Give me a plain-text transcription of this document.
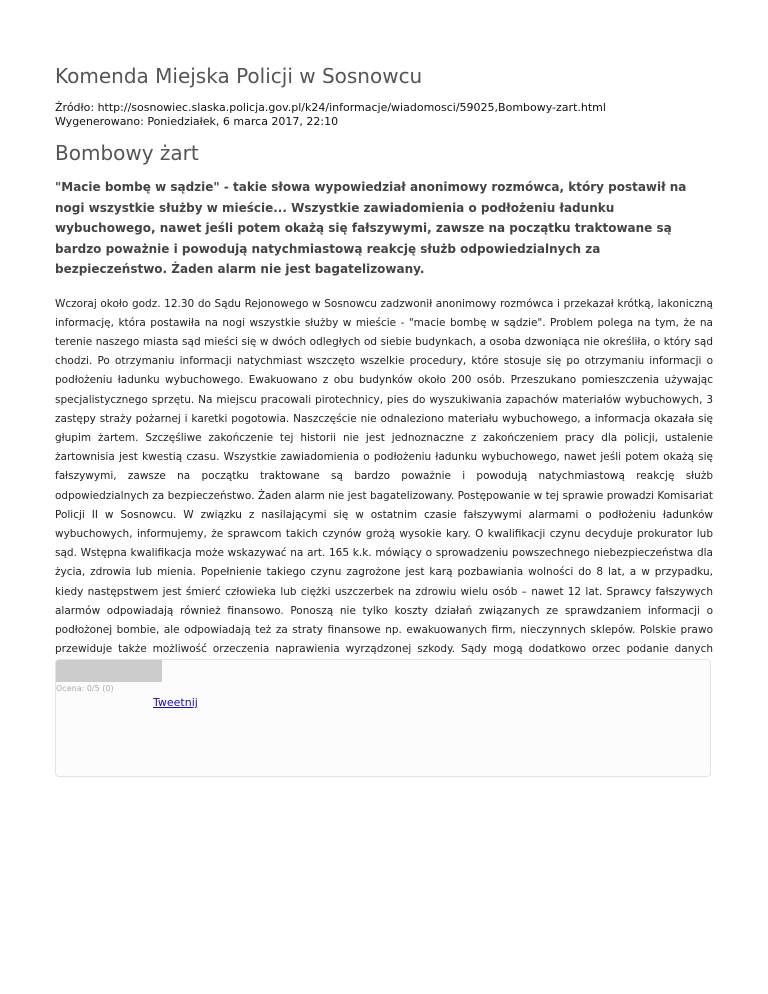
Komenda Miejska Policji w Sosnowcu

Źródło: http://sosnowiec.slaska.policja.gov.pl/k24/informacje/wiadomosci/59025,Bombowy-zart.html

Wygenerowano: Poniedziałek, 6 marca 2017, 22:10

Bombowy żart

"Macie bombę w sądzie" - takie słowa wypowiedział anonimowy rozmówca, który postawił na nogi wszystkie służby w mieście... Wszystkie zawiadomienia o podłożeniu ładunku wybuchowego, nawet jeśli potem okażą się fałszywymi, zawsze na początku traktowane są bardzo poważnie i powodują natychmiastową reakcję służb odpowiedzialnych za bezpieczeństwo. Żaden alarm nie jest bagatelizowany.

Wczoraj około godz. 12.30 do Sądu Rejonowego w Sosnowcu zadzwonił anonimowy rozmówca i przekazał krótką, lakoniczną informację, która postawiła na nogi wszystkie służby w mieście - "macie bombę w sądzie". Problem polega na tym, że na terenie naszego miasta sąd mieści się w dwóch odległych od siebie budynkach, a osoba dzwoniąca nie określiła, o który sąd chodzi. Po otrzymaniu informacji natychmiast wszczęto wszelkie procedury, które stosuje się po otrzymaniu informacji o podłożeniu ładunku wybuchowego. Ewakuowano z obu budynków około 200 osób. Przeszukano pomieszczenia używając specjalistycznego sprzętu. Na miejscu pracowali pirotechnicy, pies do wyszukiwania zapachów materiałów wybuchowych, 3 zastępy straży pożarnej i karetki pogotowia. Naszczęście nie odnaleziono materiału wybuchowego, a informacja okazała się głupim żartem. Szczęśliwe zakończenie tej historii nie jest jednoznaczne z zakończeniem pracy dla policji, ustalenie żartownisia jest kwestią czasu. Wszystkie zawiadomienia o podłożeniu ładunku wybuchowego, nawet jeśli potem okażą się fałszywymi, zawsze na początku traktowane są bardzo poważnie i powodują natychmiastową reakcję służb odpowiedzialnych za bezpieczeństwo. Żaden alarm nie jest bagatelizowany. Postępowanie w tej sprawie prowadzi Komisariat Policji II w Sosnowcu. W związku z nasilającymi się w ostatnim czasie fałszywymi alarmami o podłożeniu ładunków wybuchowych, informujemy, że sprawcom takich czynów grożą wysokie kary. O kwalifikacji czynu decyduje prokurator lub sąd. Wstępna kwalifikacja może wskazywać na art. 165 k.k. mówiący o sprowadzeniu powszechnego niebezpieczeństwa dla życia, zdrowia lub mienia. Popełnienie takiego czynu zagrożone jest karą pozbawiania wolności do 8 lat, a w przypadku, kiedy następstwem jest śmierć człowieka lub ciężki uszczerbek na zdrowiu wielu osób – nawet 12 lat. Sprawcy fałszywych alarmów odpowiadają również finansowo. Ponoszą nie tylko koszty działań związanych ze sprawdzaniem informacji o podłożonej bombie, ale odpowiadają też za straty finansowe np. ewakuowanych firm, nieczynnych sklepów. Polskie prawo przewiduje także możliwość orzeczenia naprawienia wyrządzonej szkody. Sądy mogą dodatkowo orzec podanie danych

Ocena: 0/5 (0)
Tweetnij
